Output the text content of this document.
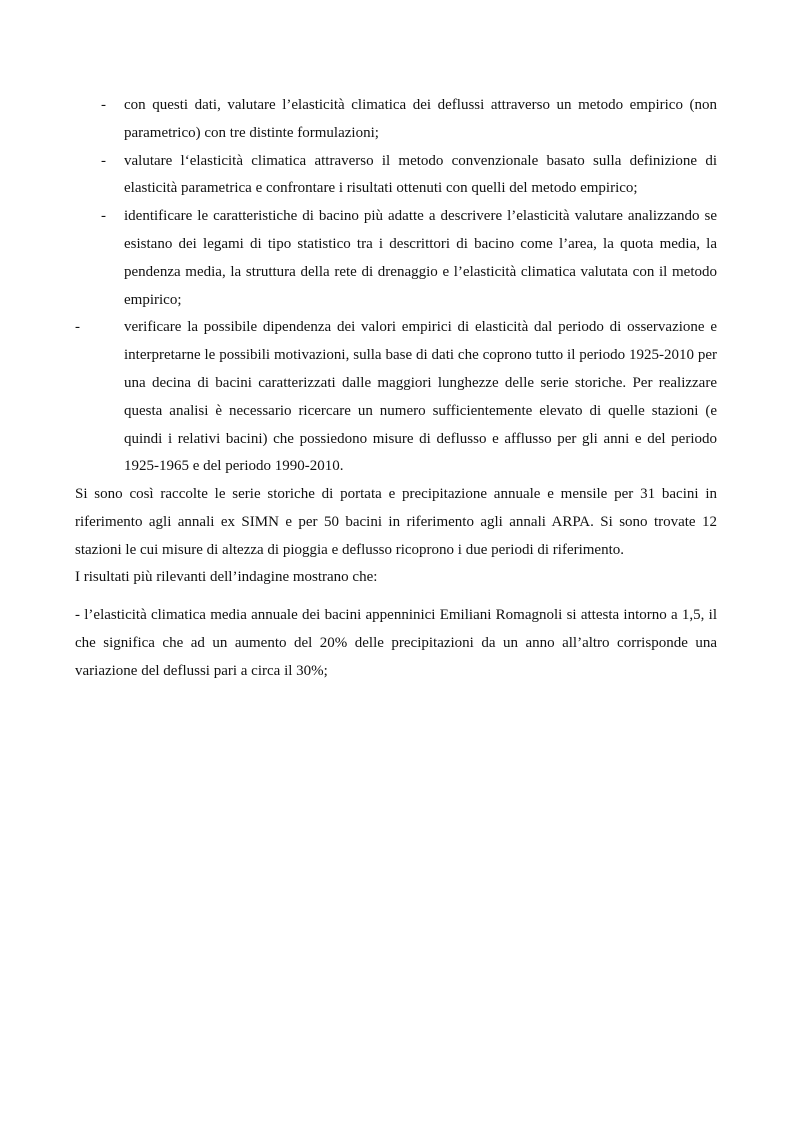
- con questi dati, valutare l’elasticità climatica dei deflussi attraverso un metodo empirico (non parametrico) con tre distinte formulazioni;
- valutare l‘elasticità climatica attraverso il metodo convenzionale basato sulla definizione di elasticità parametrica e confrontare i risultati ottenuti con quelli del metodo empirico;
- identificare le caratteristiche di bacino più adatte a descrivere l’elasticità valutare analizzando se esistano dei legami di tipo statistico tra i descrittori di bacino come l’area, la quota media, la pendenza media, la struttura della rete di drenaggio e l’elasticità climatica valutata con il metodo empirico;
-	verificare la possibile dipendenza dei valori empirici di elasticità dal periodo di osservazione e interpretarne le possibili motivazioni, sulla base di dati che coprono tutto il periodo 1925-2010 per una decina di bacini caratterizzati dalle maggiori lunghezze delle serie storiche. Per realizzare questa analisi è necessario ricercare un numero sufficientemente elevato di quelle stazioni (e quindi i relativi bacini) che possiedono misure di deflusso e afflusso per gli anni e del periodo 1925-1965 e del periodo 1990-2010.

Si sono così raccolte le serie storiche di portata e precipitazione annuale e mensile per 31 bacini in riferimento agli annali ex SIMN e per 50 bacini in riferimento agli annali ARPA. Si sono trovate 12 stazioni le cui misure di altezza di pioggia e deflusso ricoprono i due periodi di riferimento.

I risultati più rilevanti dell’indagine mostrano che:

- l’elasticità climatica media annuale dei bacini appenninici Emiliani Romagnoli si attesta intorno a 1,5, il che significa che ad un aumento del 20% delle precipitazioni da un anno all’altro corrisponde una variazione del deflussi pari a circa il 30%;
